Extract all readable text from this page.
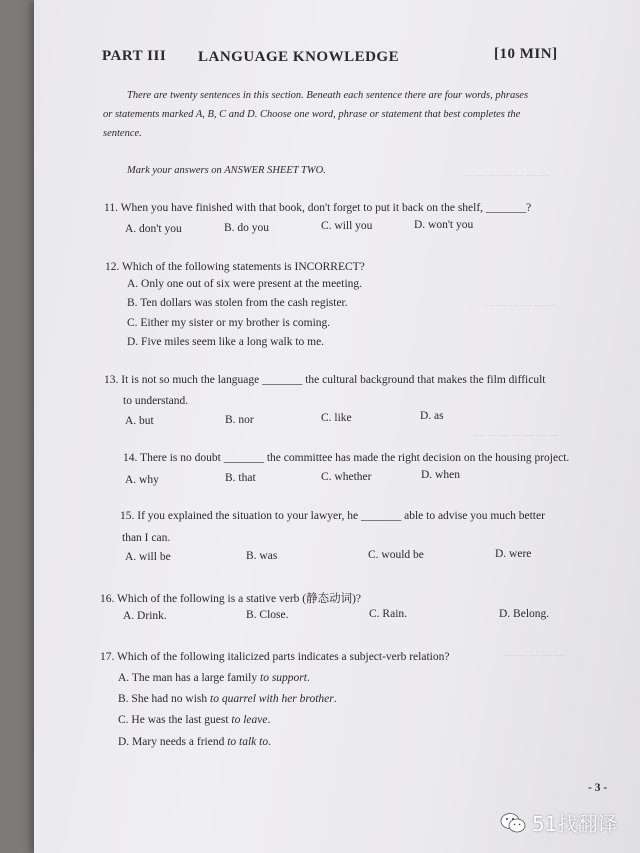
— — — — — — —
— — — — — —
— — — — — — —
— — — — —
PART III LANGUAGE KNOWLEDGE	[10 MIN]
There are twenty sentences in this section. Beneath each sentence there are four words, phrases
or statements marked A, B, C and D. Choose one word, phrase or statement that best completes the
sentence.
Mark your answers on ANSWER SHEET TWO.
11. When you have finished with that book, don't forget to put it back on the shelf, _______?
A. don't you	B. do you	C. will you	D. won't you
12. Which of the following statements is INCORRECT?
A. Only one out of six were present at the meeting.
B. Ten dollars was stolen from the cash register.
C. Either my sister or my brother is coming.
D. Five miles seem like a long walk to me.
13. It is not so much the language _______ the cultural background that makes the film difficult
to understand.
A. but	B. nor	C. like	D. as
14. There is no doubt _______ the committee has made the right decision on the housing project.
A. why	B. that	C. whether	D. when
15. If you explained the situation to your lawyer, he _______ able to advise you much better
than I can.
A. will be	B. was	C. would be	D. were
16. Which of the following is a stative verb (静态动词)?
A. Drink.	B. Close.	C. Rain.	D. Belong.
17. Which of the following italicized parts indicates a subject-verb relation?
A. The man has a large family to support.
B. She had no wish to quarrel with her brother.
C. He was the last guest to leave.
D. Mary needs a friend to talk to.
- 3 -
51找翻译
